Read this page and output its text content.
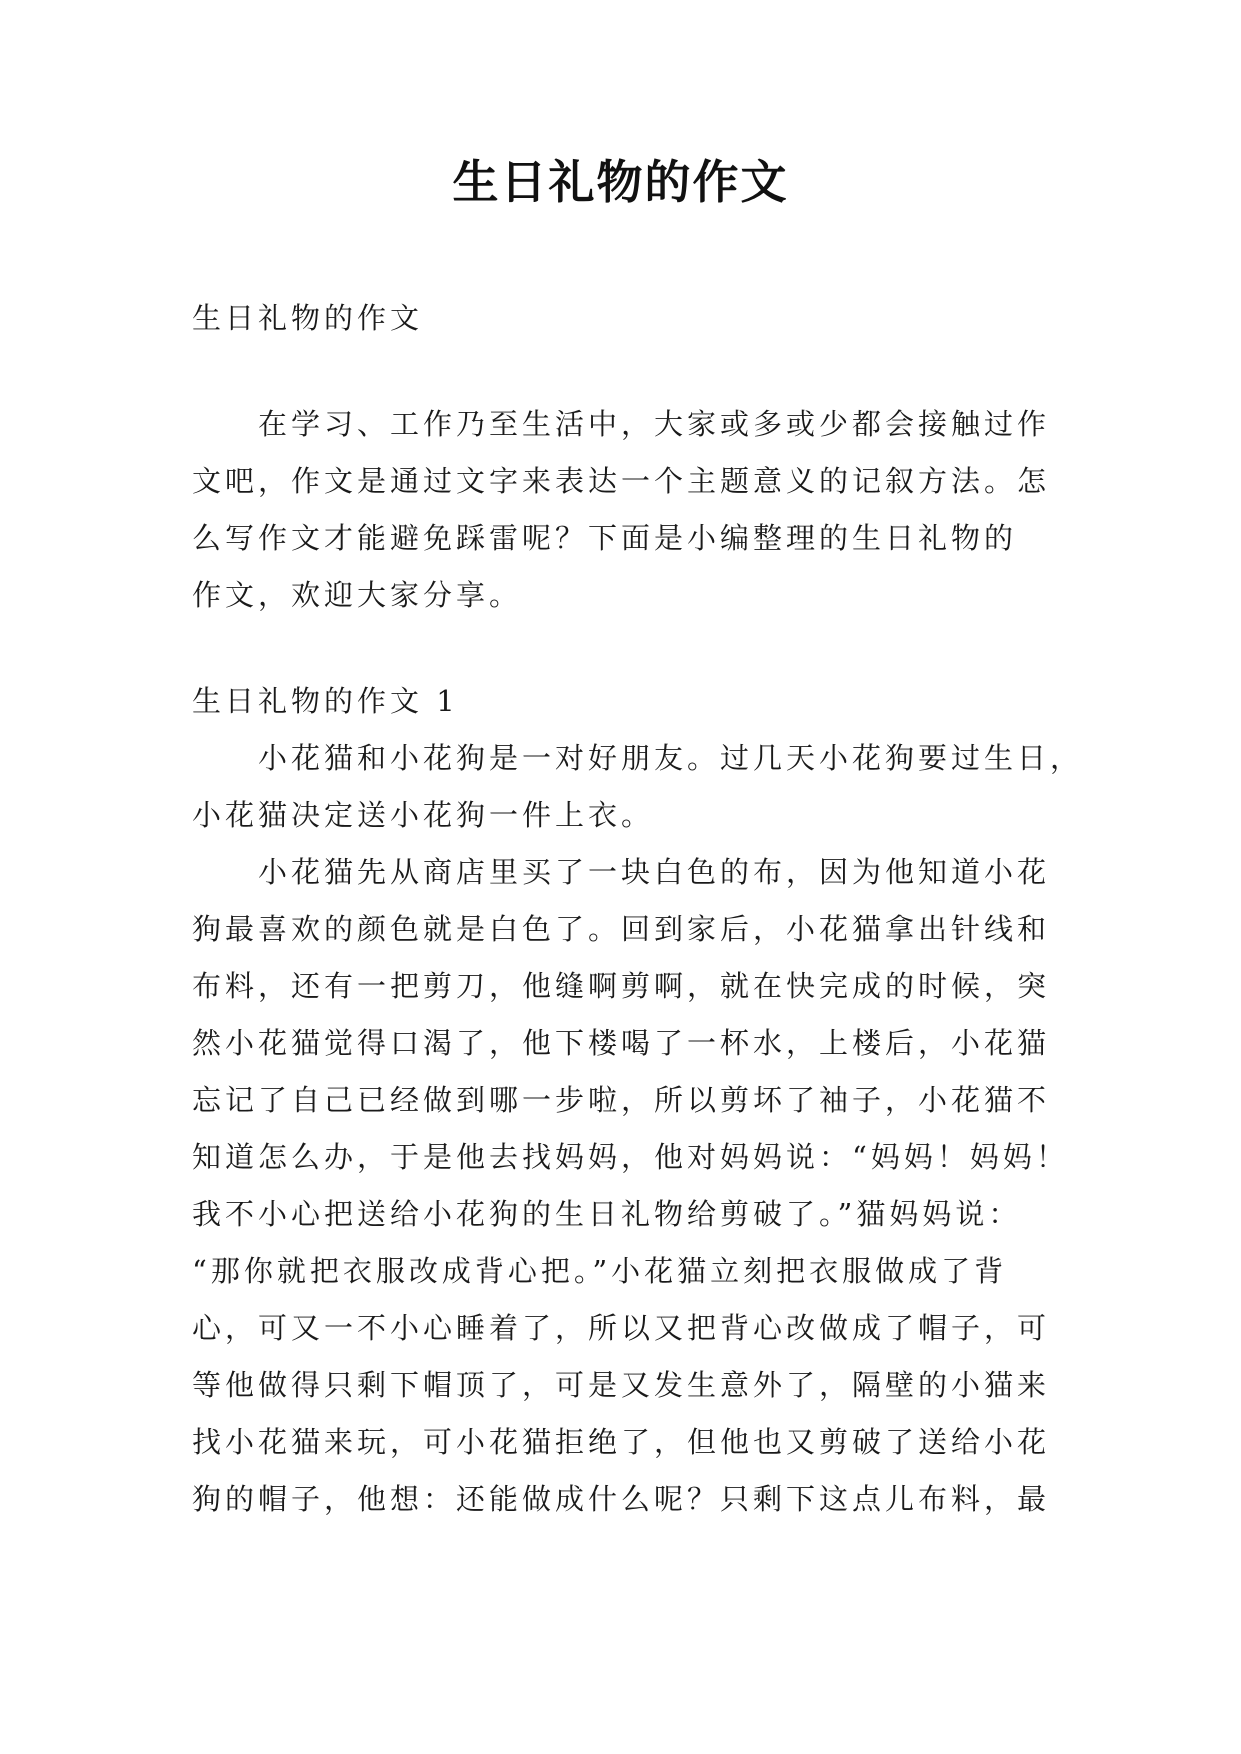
生日礼物的作文
生日礼物的作文
在学习、工作乃至生活中，大家或多或少都会接触过作
文吧，作文是通过文字来表达一个主题意义的记叙方法。怎
么写作文才能避免踩雷呢？下面是小编整理的生日礼物的
作文，欢迎大家分享。
生日礼物的作文 1
小花猫和小花狗是一对好朋友。过几天小花狗要过生日，
小花猫决定送小花狗一件上衣。
小花猫先从商店里买了一块白色的布，因为他知道小花
狗最喜欢的颜色就是白色了。回到家后，小花猫拿出针线和
布料，还有一把剪刀，他缝啊剪啊，就在快完成的时候，突
然小花猫觉得口渴了，他下楼喝了一杯水，上楼后，小花猫
忘记了自己已经做到哪一步啦，所以剪坏了袖子，小花猫不
知道怎么办，于是他去找妈妈，他对妈妈说：“妈妈！妈妈！
我不小心把送给小花狗的生日礼物给剪破了。”猫妈妈说：
“那你就把衣服改成背心把。”小花猫立刻把衣服做成了背
心，可又一不小心睡着了，所以又把背心改做成了帽子，可
等他做得只剩下帽顶了，可是又发生意外了，隔壁的小猫来
找小花猫来玩，可小花猫拒绝了，但他也又剪破了送给小花
狗的帽子，他想：还能做成什么呢？只剩下这点儿布料，最
